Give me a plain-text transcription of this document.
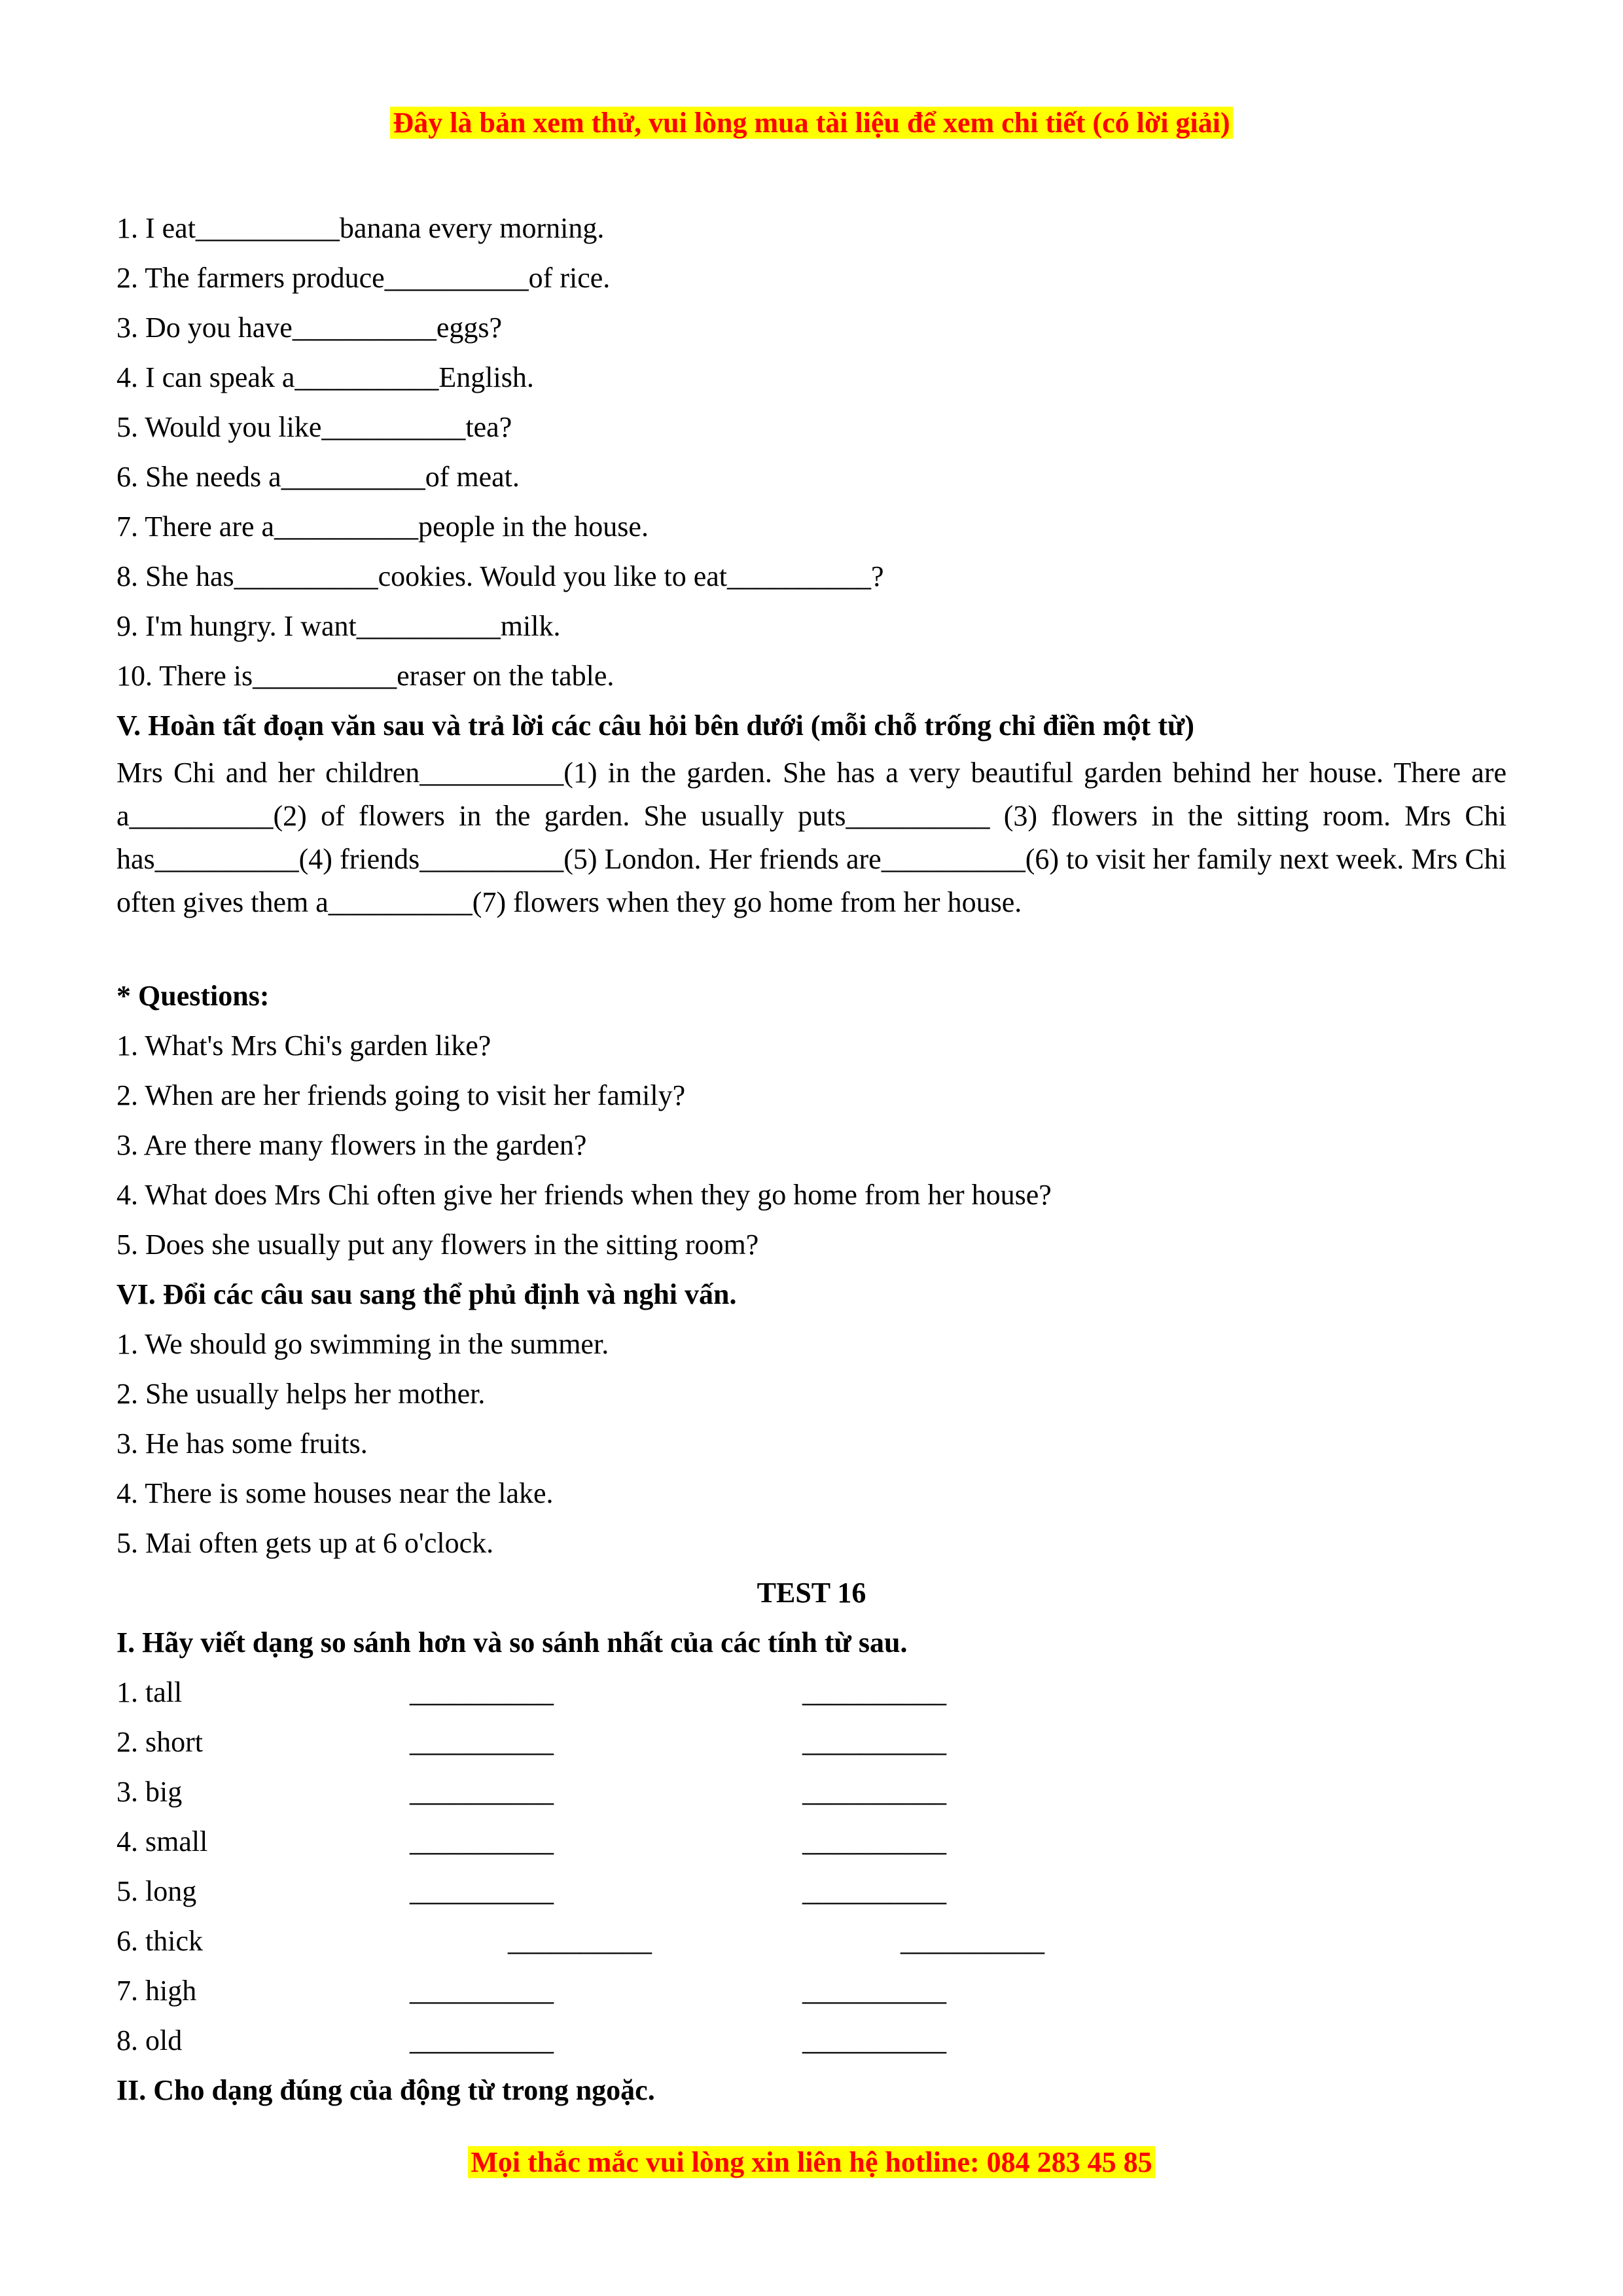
Đây là bản xem thử, vui lòng mua tài liệu để xem chi tiết (có lời giải)
1. I eat__________banana every morning.
2. The farmers produce__________of rice.
3. Do you have__________eggs?
4. I can speak a__________English.
5. Would you like__________tea?
6. She needs a__________of meat.
7. There are a__________people in the house.
8. She has__________cookies. Would you like to eat__________?
9. I'm hungry. I want__________milk.
10. There is__________eraser on the table.
V. Hoàn tất đoạn văn sau và trả lời các câu hỏi bên dưới (mỗi chỗ trống chỉ điền một từ)
Mrs Chi and her children__________(1) in the garden. She has a very beautiful garden behind her house. There are a__________(2) of flowers in the garden. She usually puts__________ (3) flowers in the sitting room. Mrs Chi has__________(4) friends__________(5) London. Her friends are__________(6) to visit her family next week. Mrs Chi often gives them a__________(7) flowers when they go home from her house.
* Questions:
1. What's Mrs Chi's garden like?
2. When are her friends going to visit her family?
3. Are there many flowers in the garden?
4. What does Mrs Chi often give her friends when they go home from her house?
5. Does she usually put any flowers in the sitting room?
VI. Đổi các câu sau sang thể phủ định và nghi vấn.
1. We should go swimming in the summer.
2. She usually helps her mother.
3. He has some fruits.
4. There is some houses near the lake.
5. Mai often gets up at 6 o'clock.
TEST 16
I. Hãy viết dạng so sánh hơn và so sánh nhất của các tính từ sau.
1. tall	__________	__________
2. short	__________	__________
3. big	__________	__________
4. small	__________	__________
5. long	__________	__________
6. thick	__________	__________
7. high	__________	__________
8. old	__________	__________
II. Cho dạng đúng của động từ trong ngoặc.
Mọi thắc mắc vui lòng xin liên hệ hotline: 084 283 45 85
